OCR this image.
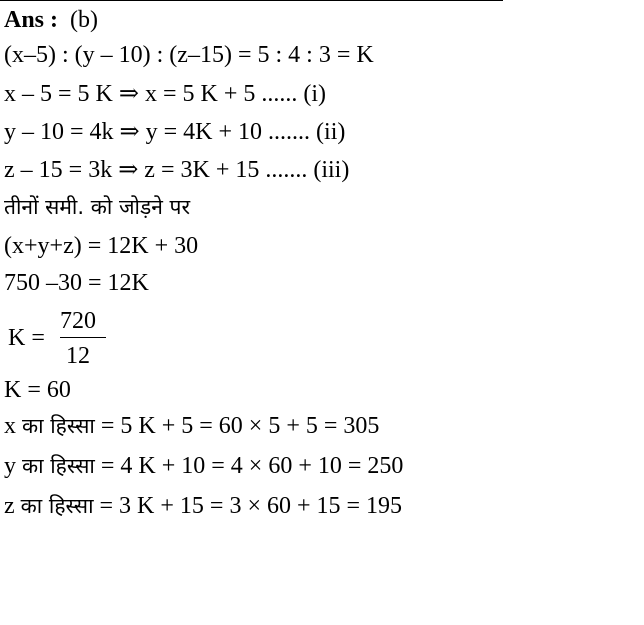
Ans : (b)
(x–5) : (y – 10) : (z–15) = 5 : 4 : 3 = K
x – 5 = 5 K ⇒ x = 5 K + 5 ...... (i)
y – 10 = 4k ⇒ y = 4K + 10 ....... (ii)
z – 15 = 3k ⇒ z = 3K + 15 ....... (iii)
तीनों समी. को जोड़ने पर
(x+y+z) = 12K + 30
750 –30 = 12K
K =
720
12
K = 60
x का हिस्सा = 5 K + 5 = 60 × 5 + 5 = 305
y का हिस्सा = 4 K + 10 = 4 × 60 + 10 = 250
z का हिस्सा = 3 K + 15 = 3 × 60 + 15 = 195
